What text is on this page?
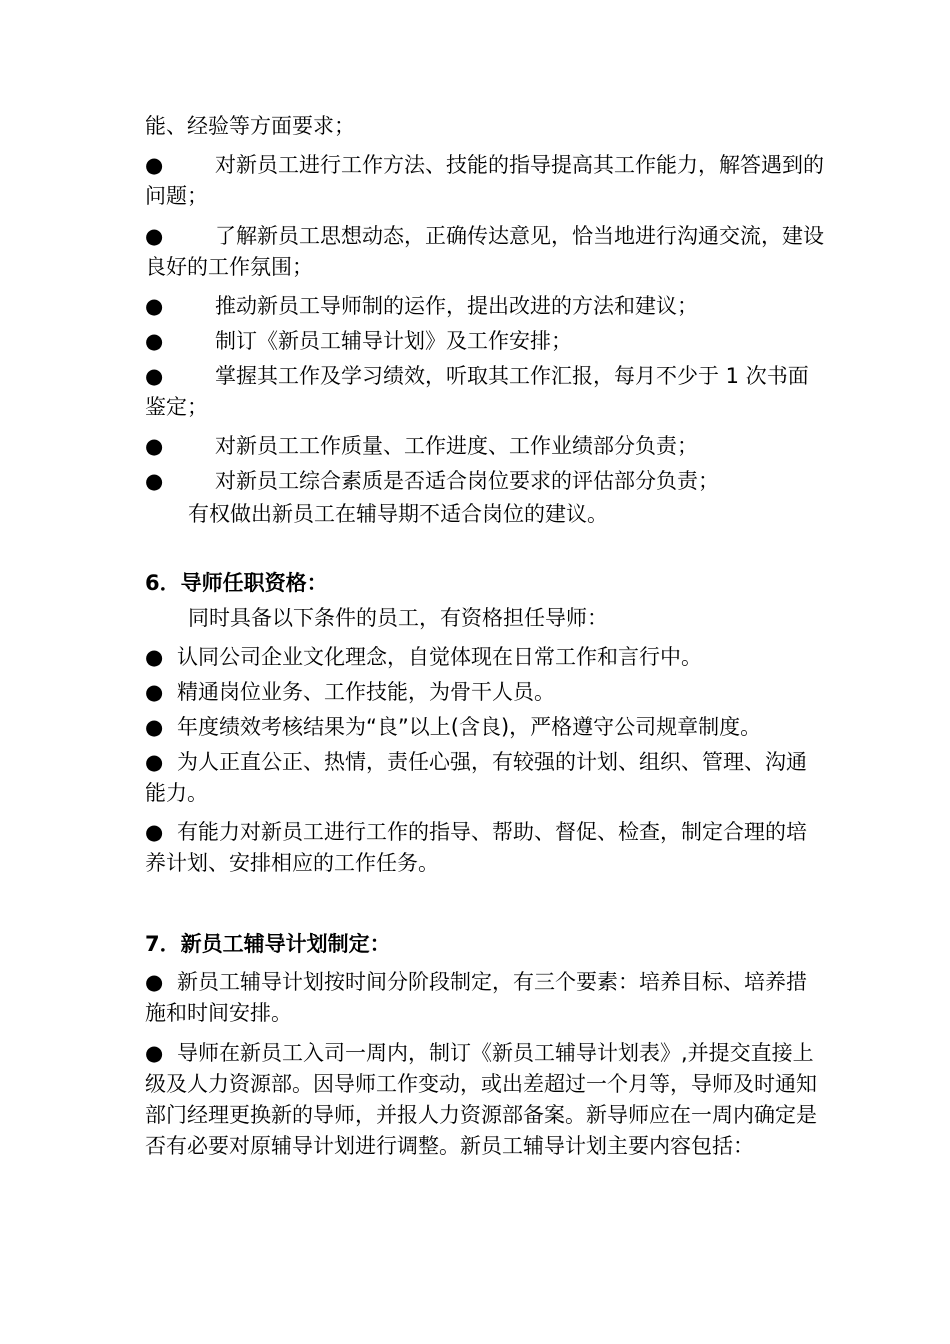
能、经验等方面要求；
●	对新员工进行工作方法、技能的指导提高其工作能力，解答遇到的问题；
●	了解新员工思想动态，正确传达意见，恰当地进行沟通交流，建设良好的工作氛围；
●	推动新员工导师制的运作，提出改进的方法和建议；
●	制订《新员工辅导计划》及工作安排；
●	掌握其工作及学习绩效，听取其工作汇报，每月不少于 1 次书面鉴定；
●	对新员工工作质量、工作进度、工作业绩部分负责；
●	对新员工综合素质是否适合岗位要求的评估部分负责；
有权做出新员工在辅导期不适合岗位的建议。
6．导师任职资格：
同时具备以下条件的员工，有资格担任导师：
● 认同公司企业文化理念，自觉体现在日常工作和言行中。
● 精通岗位业务、工作技能，为骨干人员。
● 年度绩效考核结果为“良”以上(含良)，严格遵守公司规章制度。
● 为人正直公正、热情，责任心强，有较强的计划、组织、管理、沟通能力。
● 有能力对新员工进行工作的指导、帮助、督促、检查，制定合理的培养计划、安排相应的工作任务。
7．新员工辅导计划制定：
● 新员工辅导计划按时间分阶段制定，有三个要素：培养目标、培养措施和时间安排。
● 导师在新员工入司一周内，制订《新员工辅导计划表》,并提交直接上级及人力资源部。因导师工作变动，或出差超过一个月等，导师及时通知部门经理更换新的导师，并报人力资源部备案。新导师应在一周内确定是否有必要对原辅导计划进行调整。新员工辅导计划主要内容包括：
